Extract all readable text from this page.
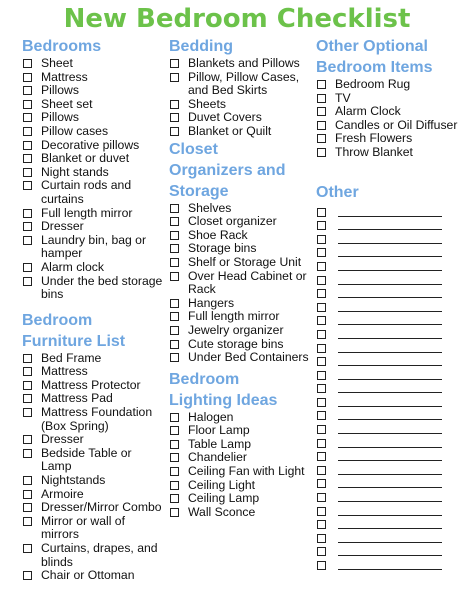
New Bedroom Checklist
Bedrooms
Sheet
Mattress
Pillows
Sheet set
Pillows
Pillow cases
Decorative pillows
Blanket or duvet
Night stands
Curtain rods and curtains
Full length mirror
Dresser
Laundry bin, bag or hamper
Alarm clock
Under the bed storage bins
Bedroom
Furniture List
Bed Frame
Mattress
Mattress Protector
Mattress Pad
Mattress Foundation (Box Spring)
Dresser
Bedside Table or Lamp
Nightstands
Armoire
Dresser/Mirror Combo
Mirror or wall of mirrors
Curtains, drapes, and blinds
Chair or Ottoman
Bedding
Blankets and Pillows
Pillow, Pillow Cases, and Bed Skirts
Sheets
Duvet Covers
Blanket or Quilt
Closet
Organizers and
Storage
Shelves
Closet organizer
Shoe Rack
Storage bins
Shelf or Storage Unit
Over Head Cabinet or Rack
Hangers
Full length mirror
Jewelry organizer
Cute storage bins
Under Bed Containers
Bedroom
Lighting Ideas
Halogen
Floor Lamp
Table Lamp
Chandelier
Ceiling Fan with Light
Ceiling Light
Ceiling Lamp
Wall Sconce
Other Optional
Bedroom Items
Bedroom Rug
TV
Alarm Clock
Candles or Oil Diffuser
Fresh Flowers
Throw Blanket
Other
